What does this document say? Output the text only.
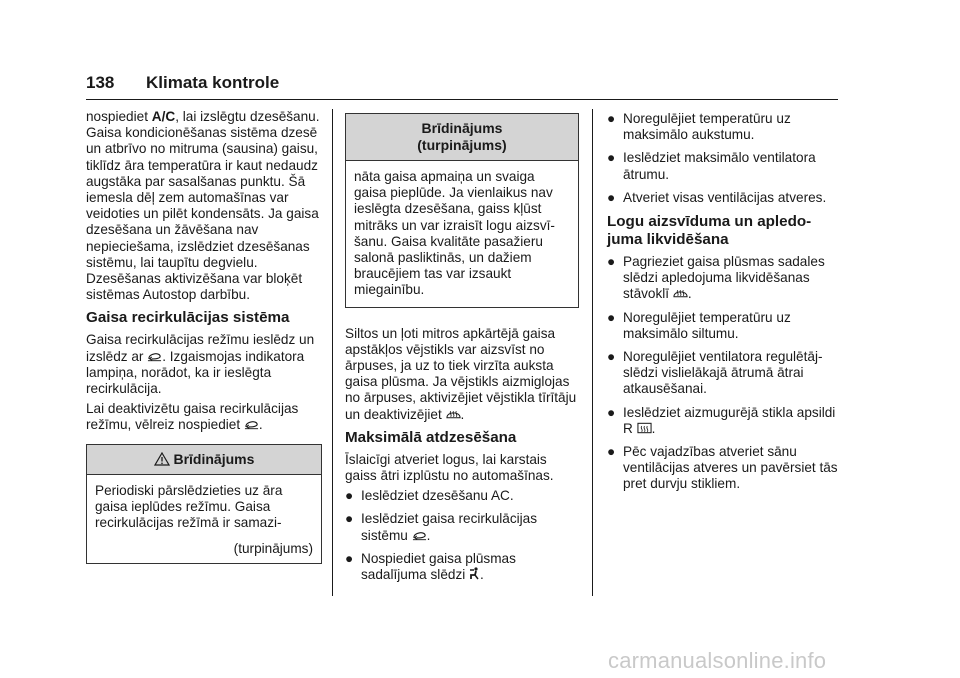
138 Klimata kontrole

nospiediet A/C, lai izslēgtu dzesēšanu. Gaisa kondicionēšanas sistēma dzesē un atbrīvo no mitruma (sausina) gaisu, tiklīdz āra temperatūra ir kaut nedaudz augstāka par sasalšanas punktu. Šā iemesla dēļ zem automašīnas var veidoties un pilēt kondensāts. Ja gaisa dzesēšana un žāvēšana nav nepieciešama, izslēdziet dzesēšanas sistēmu, lai taupītu degvielu. Dzesēšanas aktivizēšana var bloķēt sistēmas Autostop darbību.

Gaisa recirkulācijas sistēma

Gaisa recirkulācijas režīmu ieslēdz un izslēdz ar
. Izgaismojas indikatora lampiņa, norādot, ka ir ieslēgta recirkulācija.

Lai deaktivizētu gaisa recirkulācijas režīmu, vēlreiz nospiediet
.

Brīdinājums
Periodiski pārslēdzieties uz āra gaisa ieplūdes režīmu. Gaisa recirkulācijas režīmā ir samazi-
(turpinājums)
Brīdinājums
(turpinājums)
nāta gaisa apmaiņa un svaiga gaisa pieplūde. Ja vienlaikus nav ieslēgta dzesēšana, gaiss kļūst mitrāks un var izraisīt logu aizsvīšanu. Gaisa kvalitāte pasažieru salonā pasliktinās, un dažiem braucējiem tas var izsaukt miegainību.

Siltos un ļoti mitros apkārtējā gaisa apstākļos vējstikls var aizsvīst no ārpuses, ja uz to tiek virzīta auksta gaisa plūsma. Ja vējstikls aizmiglojas no ārpuses, aktivizējiet vējstikla tīrītāju un deaktivizējiet
.

Maksimālā atdzesēšana

Īslaicīgi atveriet logus, lai karstais gaiss ātri izplūstu no automašīnas.

● Ieslēdziet dzesēšanu AC.
● Ieslēdziet gaisa recirkulācijas sistēmu
.
● Nospiediet gaisa plūsmas sadalījuma slēdzi
.
● Noregulējiet temperatūru uz maksimālo aukstumu.
● Ieslēdziet maksimālo ventilatora ātrumu.
● Atveriet visas ventilācijas atveres.
Logu aizsvīduma un apledojuma likvidēšana
● Pagrieziet gaisa plūsmas sadales slēdzi apledojuma likvidēšanas stāvoklī
.
● Noregulējiet temperatūru uz maksimālo siltumu.
● Noregulējiet ventilatora regulētājslēdzi vislielākajā ātrumā ātrai atkausēšanai.
● Ieslēdziet aizmugurējā stikla apsildi R
.
● Pēc vajadzības atveriet sānu ventilācijas atveres un pavērsiet tās pret durvju stikliem.
carmanualsonline.info
